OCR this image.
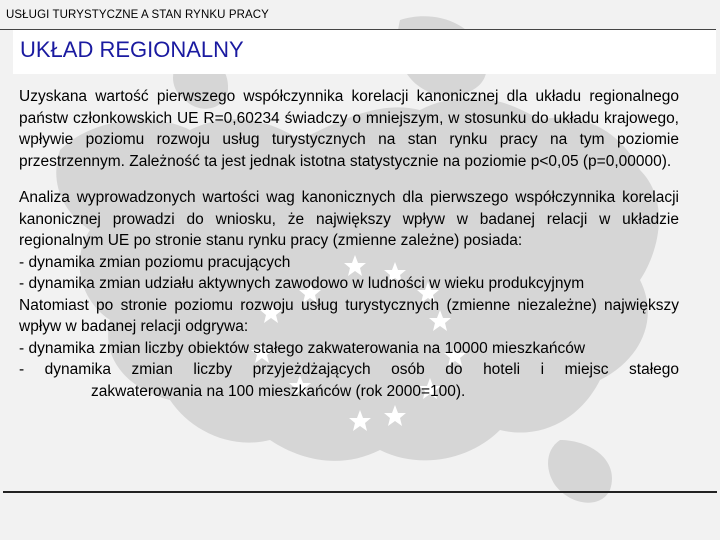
USŁUGI TURYSTYCZNE A STAN RYNKU PRACY
UKŁAD REGIONALNY

Uzyskana wartość pierwszego współczynnika korelacji kanonicznej dla układu regionalnego państw członkowskich UE R=0,60234 świadczy o mniejszym, w stosunku do układu krajowego, wpływie poziomu rozwoju usług turystycznych na stan rynku pracy na tym poziomie przestrzennym. Zależność ta jest jednak istotna statystycznie na poziomie p<0,05 (p=0,00000).

Analiza wyprowadzonych wartości wag kanonicznych dla pierwszego współczynnika korelacji kanonicznej prowadzi do wniosku, że największy wpływ w badanej relacji w układzie regionalnym UE po stronie stanu rynku pracy (zmienne zależne) posiada:
- dynamika zmian poziomu pracujących
- dynamika zmian udziału aktywnych zawodowo w ludności w wieku produkcyjnym
Natomiast po stronie poziomu rozwoju usług turystycznych (zmienne niezależne) największy wpływ w badanej relacji odgrywa:
- dynamika zmian liczby obiektów stałego zakwaterowania na 10000 mieszkańców
- dynamika zmian liczby przyjeżdżających osób do hoteli i miejsc stałego
zakwaterowania na 100 mieszkańców (rok 2000=100).
